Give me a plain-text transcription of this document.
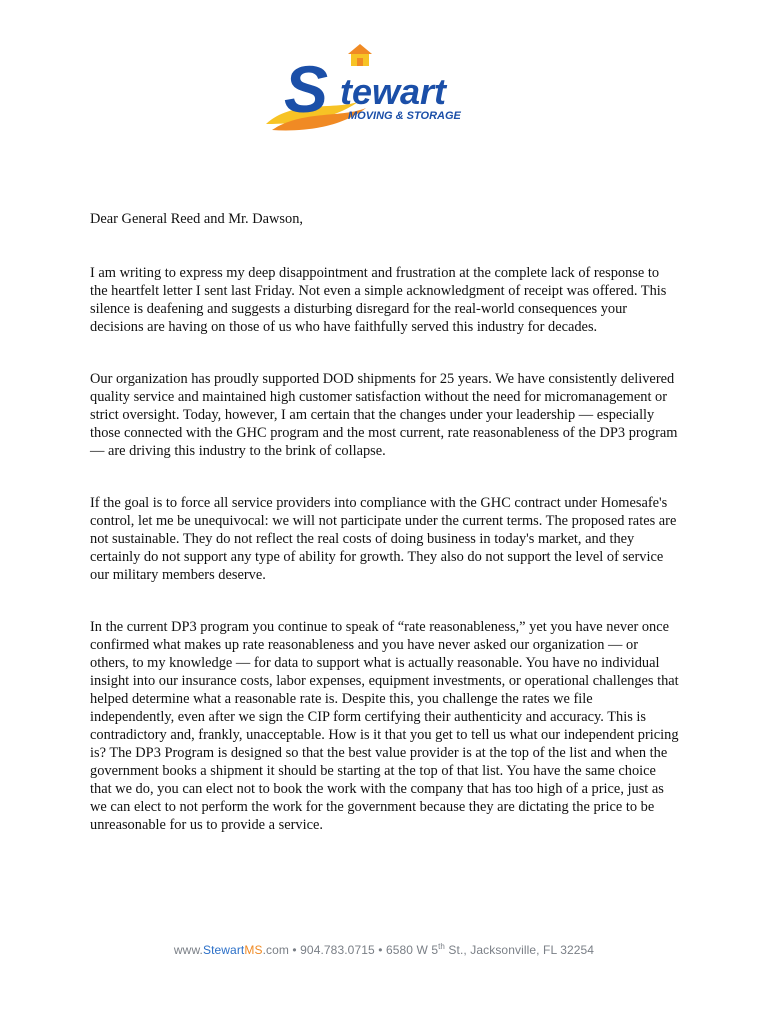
S tewart
MOVING & STORAGE

Dear General Reed and Mr. Dawson,

I am writing to express my deep disappointment and frustration at the complete lack of response to the heartfelt letter I sent last Friday. Not even a simple acknowledgment of receipt was offered. This silence is deafening and suggests a disturbing disregard for the real-world consequences your decisions are having on those of us who have faithfully served this industry for decades.

Our organization has proudly supported DOD shipments for 25 years. We have consistently delivered quality service and maintained high customer satisfaction without the need for micromanagement or strict oversight. Today, however, I am certain that the changes under your leadership — especially those connected with the GHC program and the most current, rate reasonableness of the DP3 program — are driving this industry to the brink of collapse.

If the goal is to force all service providers into compliance with the GHC contract under Homesafe's control, let me be unequivocal: we will not participate under the current terms. The proposed rates are not sustainable. They do not reflect the real costs of doing business in today's market, and they certainly do not support any type of ability for growth. They also do not support the level of service our military members deserve.

In the current DP3 program you continue to speak of “rate reasonableness,” yet you have never once confirmed what makes up rate reasonableness and you have never asked our organization — or others, to my knowledge — for data to support what is actually reasonable. You have no individual insight into our insurance costs, labor expenses, equipment investments, or operational challenges that helped determine what a reasonable rate is. Despite this, you challenge the rates we file independently, even after we sign the CIP form certifying their authenticity and accuracy. This is contradictory and, frankly, unacceptable. How is it that you get to tell us what our independent pricing is? The DP3 Program is designed so that the best value provider is at the top of the list and when the government books a shipment it should be starting at the top of that list. You have the same choice that we do, you can elect not to book the work with the company that has too high of a price, just as we can elect to not perform the work for the government because they are dictating the price to be unreasonable for us to provide a service.

www.StewartMS.com • 904.783.0715 • 6580 W 5th St., Jacksonville, FL 32254
